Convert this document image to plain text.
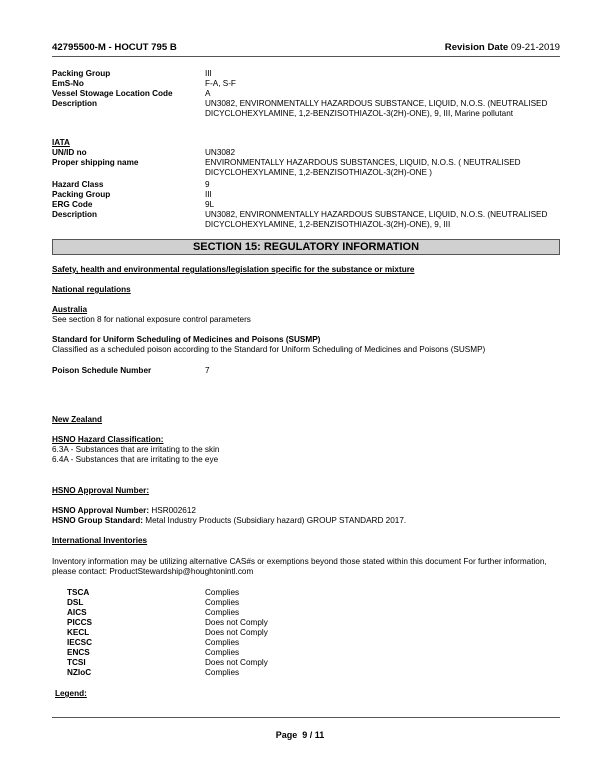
42795500-M - HOCUT 795 B	Revision Date 09-21-2019
Packing Group	III
EmS-No	F-A, S-F
Vessel Stowage Location Code	A
Description	UN3082, ENVIRONMENTALLY HAZARDOUS SUBSTANCE, LIQUID, N.O.S. (NEUTRALISED DICYCLOHEXYLAMINE, 1,2-BENZISOTHIAZOL-3(2H)-ONE), 9, III, Marine pollutant
IATA
UN/ID no	UN3082
Proper shipping name	ENVIRONMENTALLY HAZARDOUS SUBSTANCES, LIQUID, N.O.S. ( NEUTRALISED DICYCLOHEXYLAMINE, 1,2-BENZISOTHIAZOL-3(2H)-ONE )
Hazard Class	9
Packing Group	III
ERG Code	9L
Description	UN3082, ENVIRONMENTALLY HAZARDOUS SUBSTANCE, LIQUID, N.O.S. (NEUTRALISED DICYCLOHEXYLAMINE, 1,2-BENZISOTHIAZOL-3(2H)-ONE), 9, III
SECTION 15: REGULATORY INFORMATION
Safety, health and environmental regulations/legislation specific for the substance or mixture
National regulations
Australia
See section 8 for national exposure control parameters
Standard for Uniform Scheduling of Medicines and Poisons (SUSMP)
Classified as a scheduled poison according to the Standard for Uniform Scheduling of Medicines and Poisons (SUSMP)
Poison Schedule Number	7
New Zealand
HSNO Hazard Classification:
6.3A - Substances that are irritating to the skin
6.4A - Substances that are irritating to the eye
HSNO Approval Number:
HSNO Approval Number: HSR002612
HSNO Group Standard: Metal Industry Products (Subsidiary hazard) GROUP STANDARD 2017.
International Inventories
Inventory information may be utilizing alternative CAS#s or exemptions beyond those stated within this document For further information, please contact: ProductStewardship@houghtonintl.com
TSCA	Complies
DSL	Complies
AICS	Complies
PICCS	Does not Comply
KECL	Does not Comply
IECSC	Complies
ENCS	Complies
TCSI	Does not Comply
NZIoC	Complies
Legend:
Page 9 / 11
